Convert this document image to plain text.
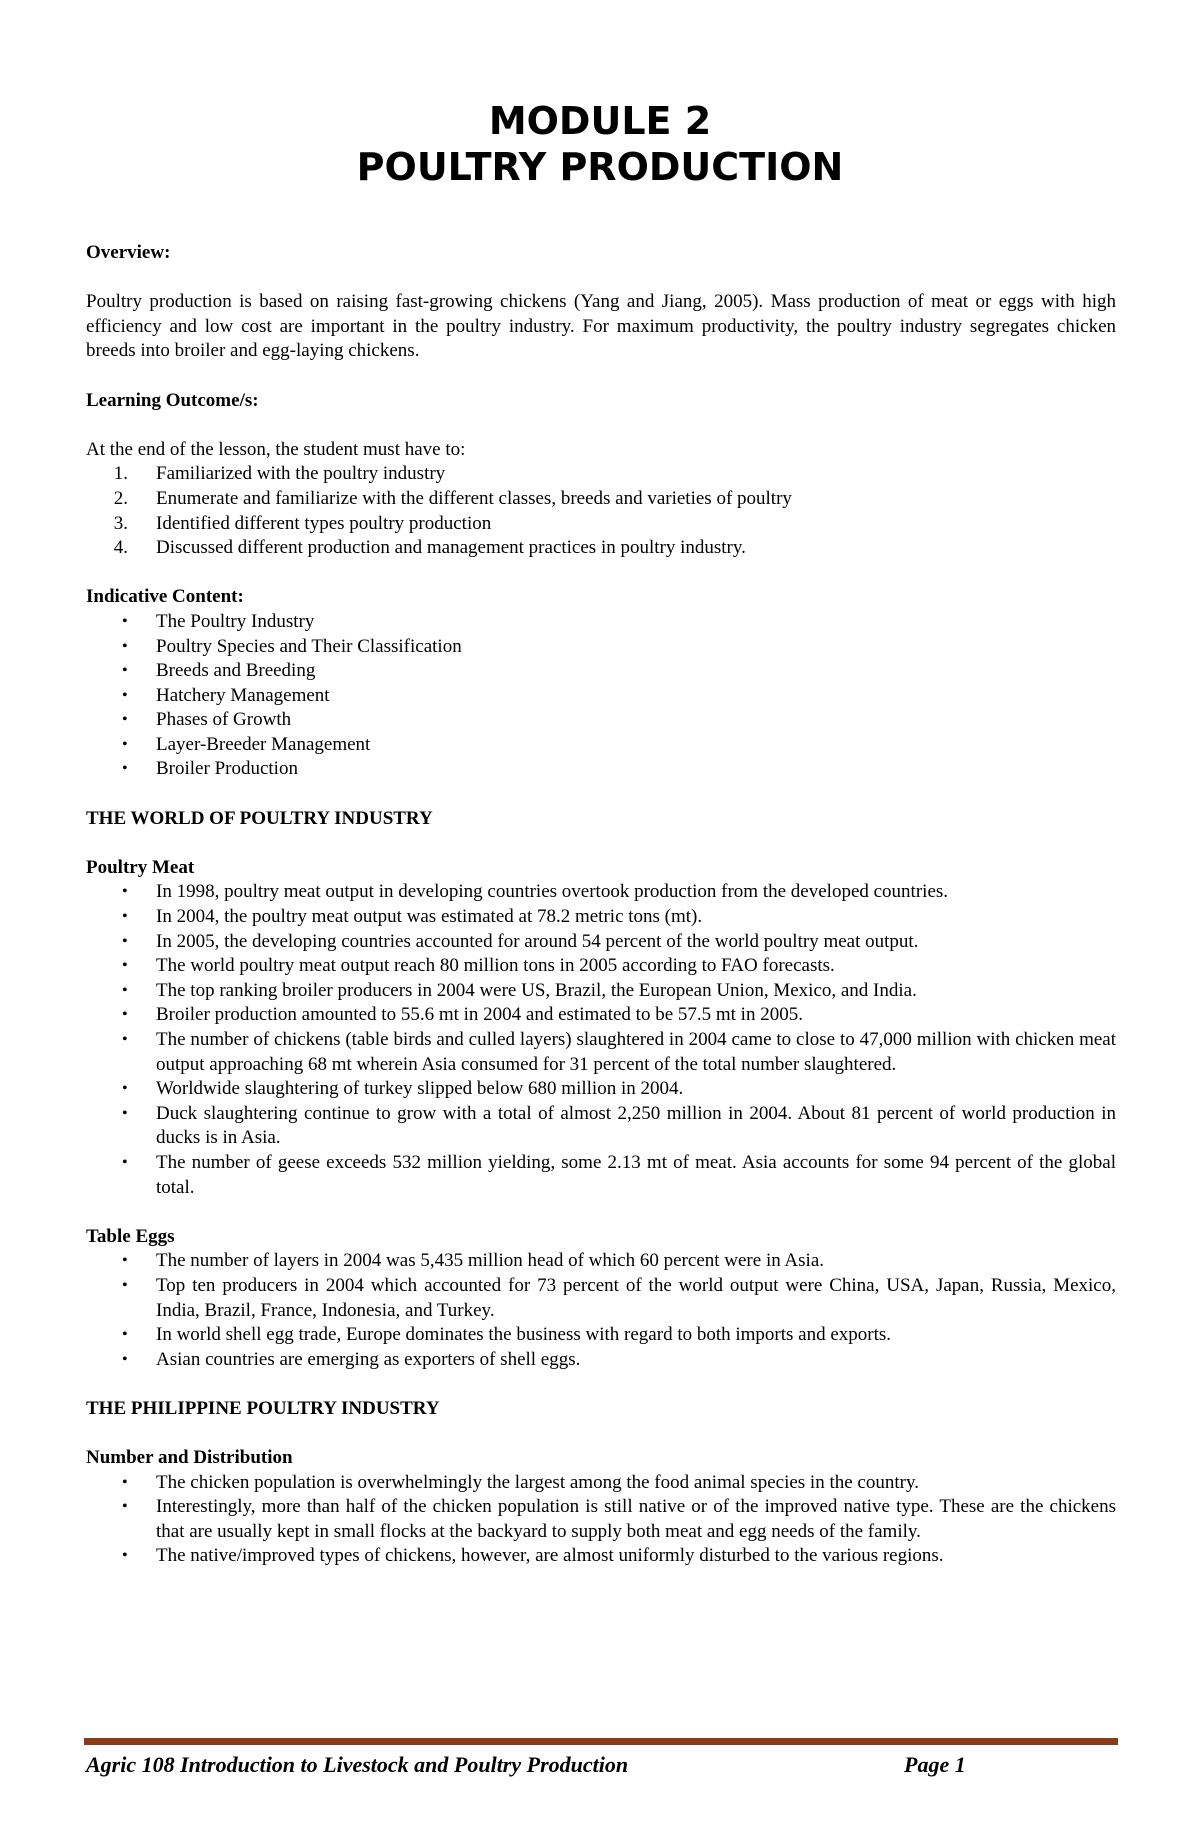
MODULE 2
POULTRY PRODUCTION

Overview:

Poultry production is based on raising fast-growing chickens (Yang and Jiang, 2005). Mass production of meat or eggs with high efficiency and low cost are important in the poultry industry. For maximum productivity, the poultry industry segregates chicken breeds into broiler and egg-laying chickens.

Learning Outcome/s:

At the end of the lesson, the student must have to:

1. Familiarized with the poultry industry
2. Enumerate and familiarize with the different classes, breeds and varieties of poultry
3. Identified different types poultry production
4. Discussed different production and management practices in poultry industry.

Indicative Content:

•	The Poultry Industry
•	Poultry Species and Their Classification
•	Breeds and Breeding
•	Hatchery Management
•	Phases of Growth
•	Layer-Breeder Management
•	Broiler Production

THE WORLD OF POULTRY INDUSTRY

Poultry Meat

•	In 1998, poultry meat output in developing countries overtook production from the developed countries.
•	In 2004, the poultry meat output was estimated at 78.2 metric tons (mt).
•	In 2005, the developing countries accounted for around 54 percent of the world poultry meat output.
•	The world poultry meat output reach 80 million tons in 2005 according to FAO forecasts.
•	The top ranking broiler producers in 2004 were US, Brazil, the European Union, Mexico, and India.
•	Broiler production amounted to 55.6 mt in 2004 and estimated to be 57.5 mt in 2005.
•	The number of chickens (table birds and culled layers) slaughtered in 2004 came to close to 47,000 million with chicken meat output approaching 68 mt wherein Asia consumed for 31 percent of the total number slaughtered.
•	Worldwide slaughtering of turkey slipped below 680 million in 2004.
•	Duck slaughtering continue to grow with a total of almost 2,250 million in 2004. About 81 percent of world production in ducks is in Asia.
•	The number of geese exceeds 532 million yielding, some 2.13 mt of meat. Asia accounts for some 94 percent of the global total.

Table Eggs

•	The number of layers in 2004 was 5,435 million head of which 60 percent were in Asia.
•	Top ten producers in 2004 which accounted for 73 percent of the world output were China, USA, Japan, Russia, Mexico, India, Brazil, France, Indonesia, and Turkey.
•	In world shell egg trade, Europe dominates the business with regard to both imports and exports.
•	Asian countries are emerging as exporters of shell eggs.

THE PHILIPPINE POULTRY INDUSTRY

Number and Distribution

•	The chicken population is overwhelmingly the largest among the food animal species in the country.
•	Interestingly, more than half of the chicken population is still native or of the improved native type. These are the chickens that are usually kept in small flocks at the backyard to supply both meat and egg needs of the family.
•	The native/improved types of chickens, however, are almost uniformly disturbed to the various regions.
Agric 108 Introduction to Livestock and Poultry Production	Page 1
